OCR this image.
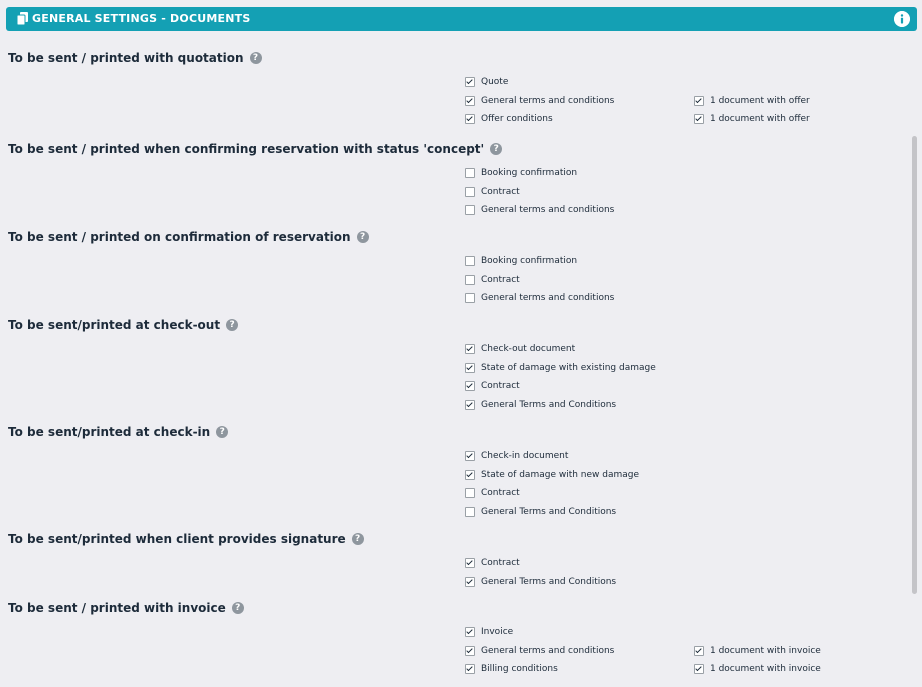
GENERAL SETTINGS - DOCUMENTS
To be sent / printed with quotation	?
Quote
General terms and conditions	1 document with offer
Offer conditions	1 document with offer
To be sent / printed when confirming reservation with status 'concept'	?
Booking confirmation
Contract
General terms and conditions
To be sent / printed on confirmation of reservation	?
Booking confirmation
Contract
General terms and conditions
To be sent/printed at check-out	?
Check-out document
State of damage with existing damage
Contract
General Terms and Conditions
To be sent/printed at check-in	?
Check-in document
State of damage with new damage
Contract
General Terms and Conditions
To be sent/printed when client provides signature	?
Contract
General Terms and Conditions
To be sent / printed with invoice	?
Invoice
General terms and conditions	1 document with invoice
Billing conditions	1 document with invoice
